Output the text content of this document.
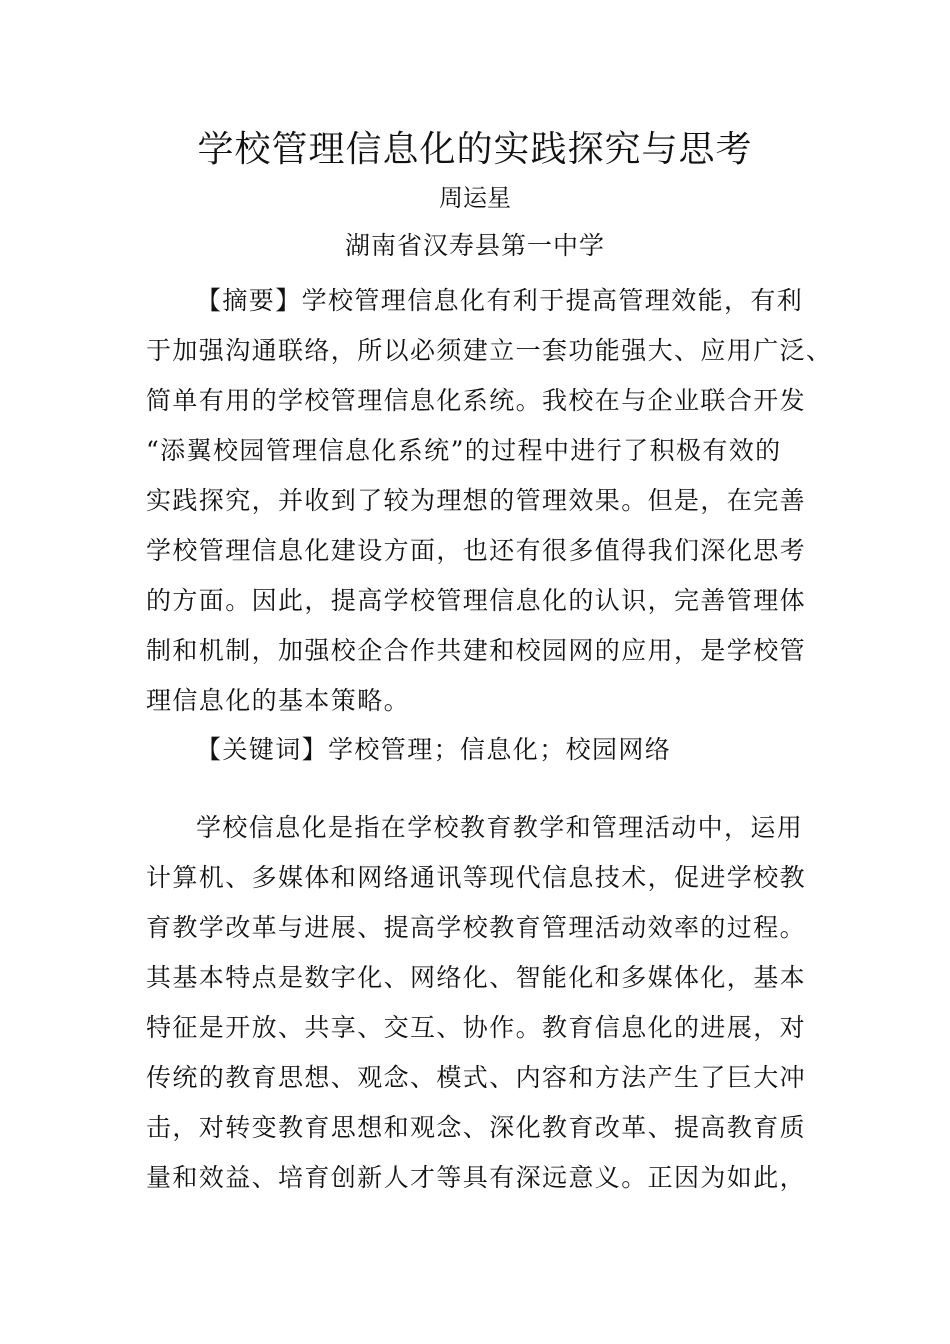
学校管理信息化的实践探究与思考
周运星
湖南省汉寿县第一中学
【摘要】学校管理信息化有利于提高管理效能，有利
于加强沟通联络，所以必须建立一套功能强大、应用广泛、
简单有用的学校管理信息化系统。我校在与企业联合开发
“添翼校园管理信息化系统”的过程中进行了积极有效的
实践探究，并收到了较为理想的管理效果。但是，在完善
学校管理信息化建设方面，也还有很多值得我们深化思考
的方面。因此，提高学校管理信息化的认识，完善管理体
制和机制，加强校企合作共建和校园网的应用，是学校管
理信息化的基本策略。
【关键词】学校管理；信息化；校园网络
学校信息化是指在学校教育教学和管理活动中，运用
计算机、多媒体和网络通讯等现代信息技术，促进学校教
育教学改革与进展、提高学校教育管理活动效率的过程。
其基本特点是数字化、网络化、智能化和多媒体化，基本
特征是开放、共享、交互、协作。教育信息化的进展，对
传统的教育思想、观念、模式、内容和方法产生了巨大冲
击，对转变教育思想和观念、深化教育改革、提高教育质
量和效益、培育创新人才等具有深远意义。正因为如此，
